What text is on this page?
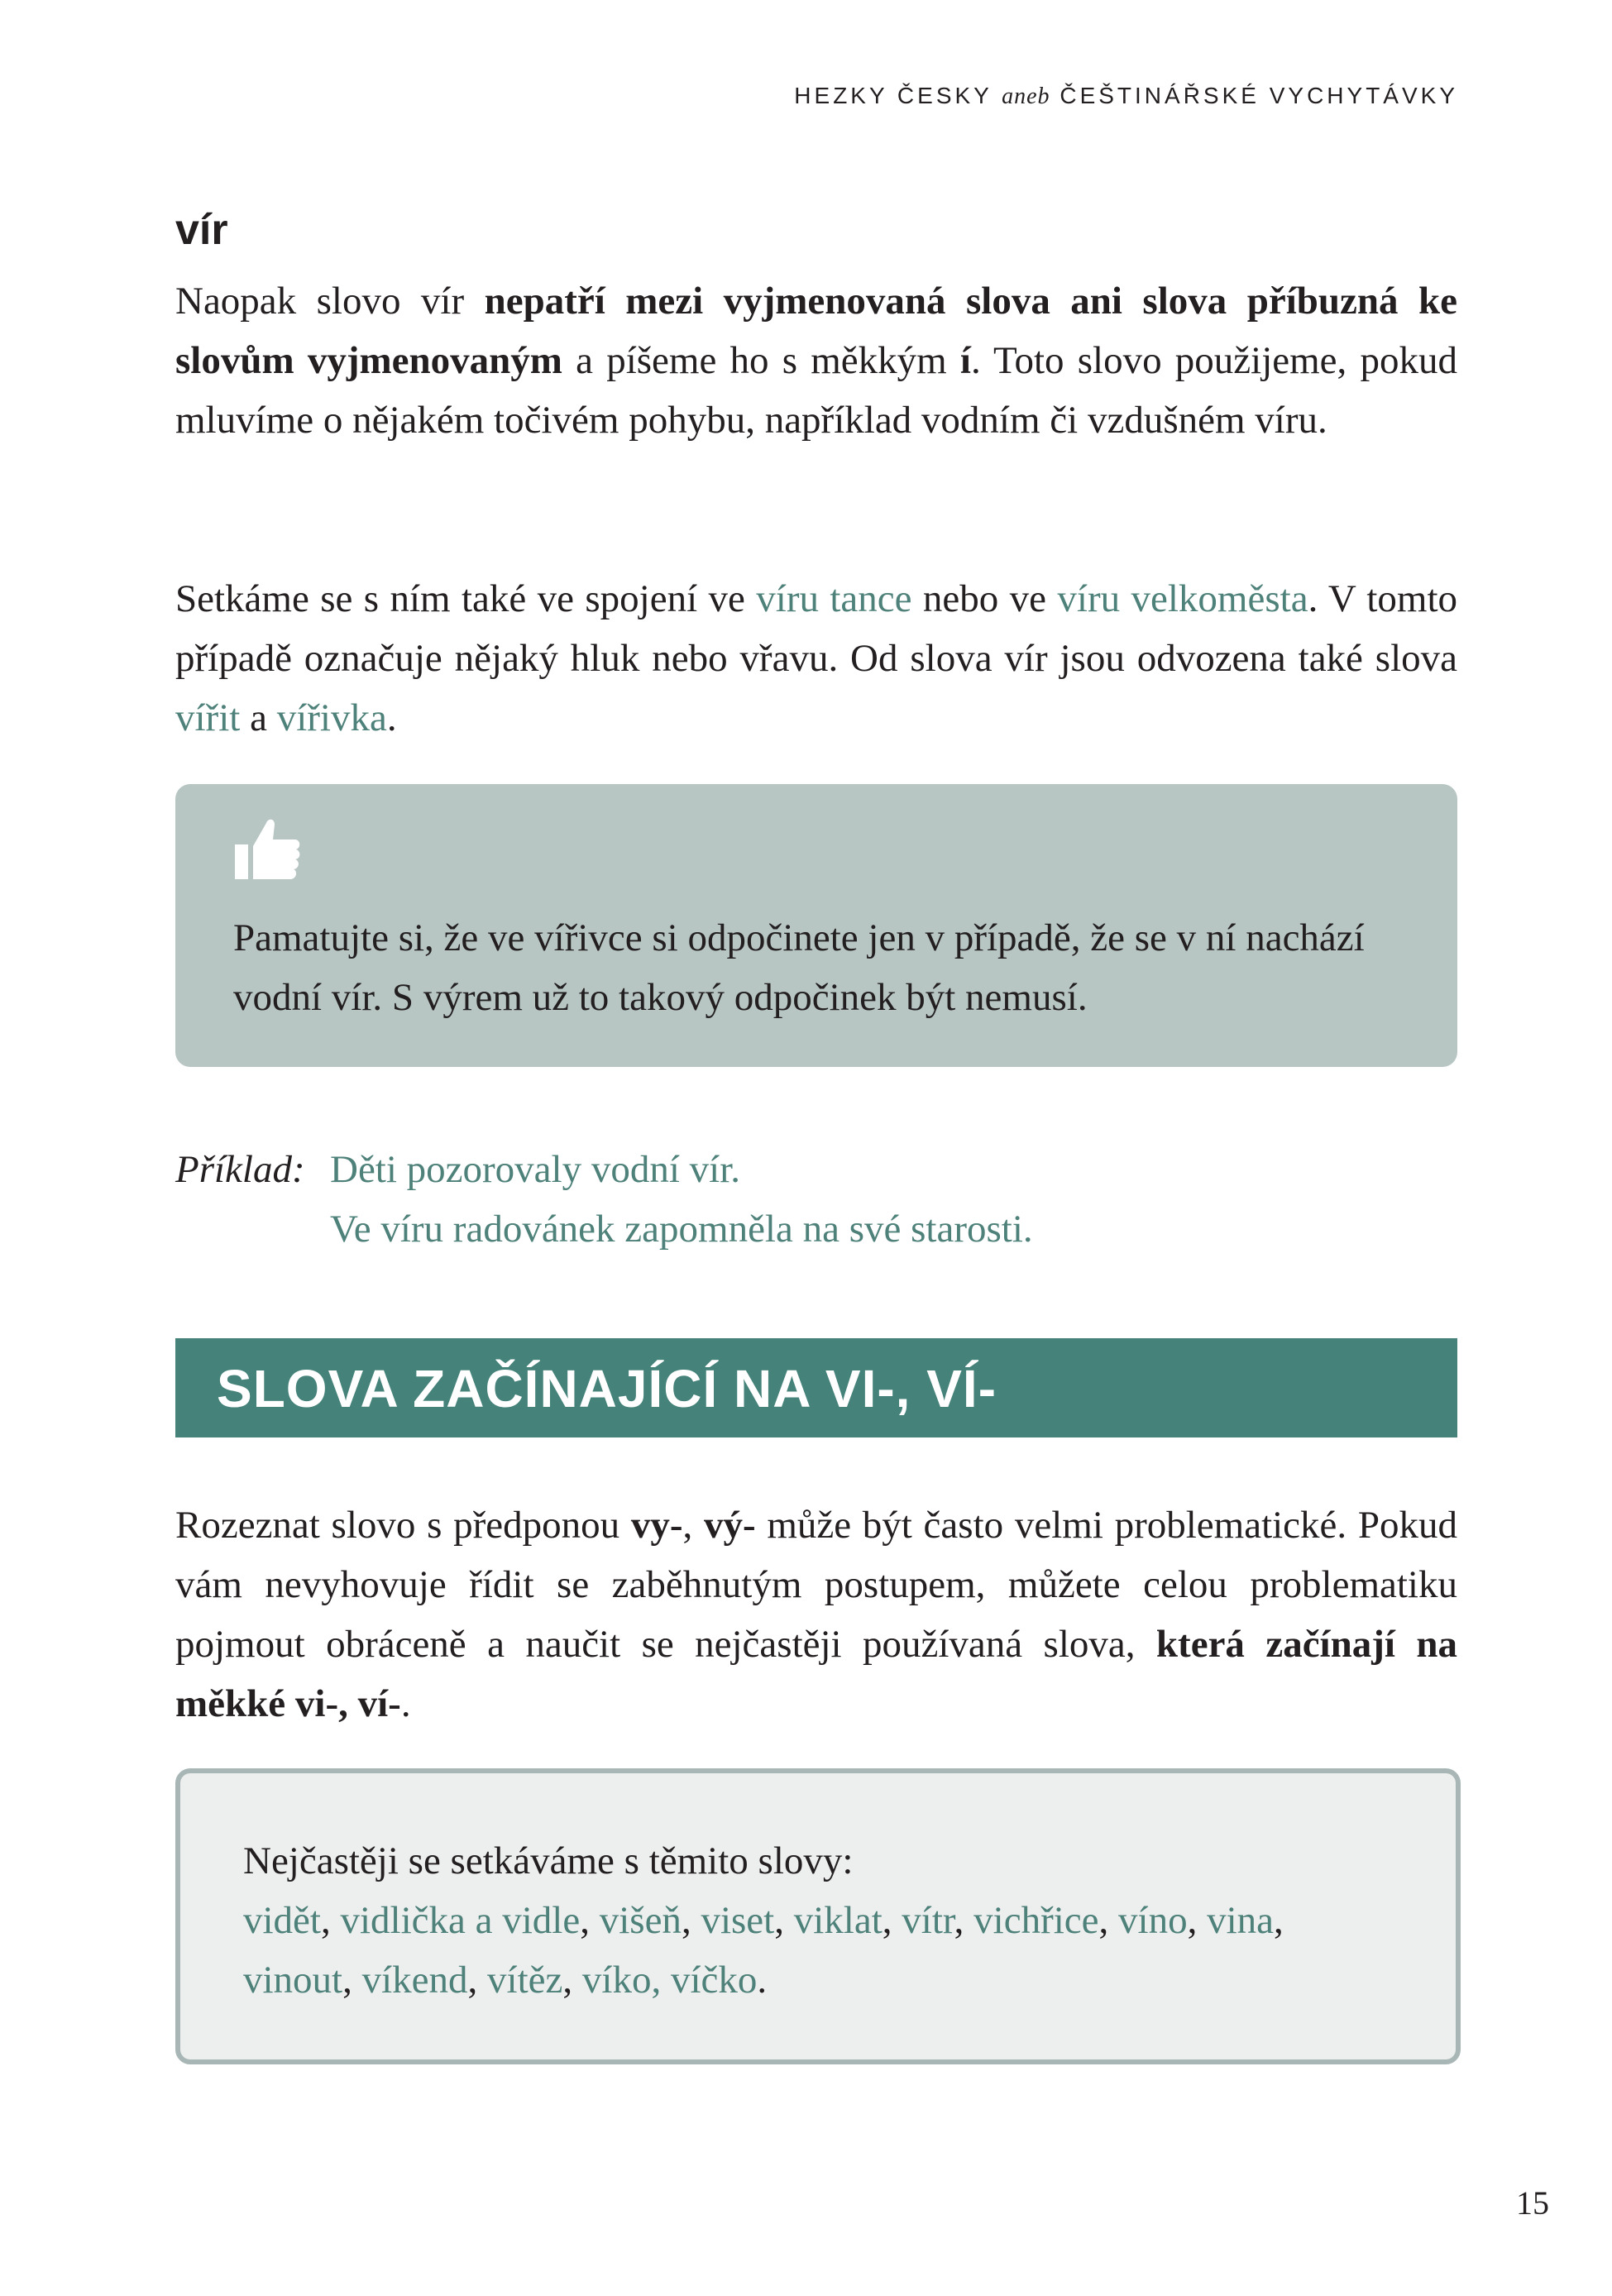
HEZKY ČESKY aneb ČEŠTINÁŘSKÉ VYCHYTÁVKY
vír

Naopak slovo vír nepatří mezi vyjmenovaná slova ani slova příbuzná ke slovům vyjmenovaným a píšeme ho s měkkým í. Toto slovo použijeme, pokud mluvíme o nějakém točivém pohybu, například vodním či vzdušném víru.

Setkáme se s ním také ve spojení ve víru tance nebo ve víru velkoměsta. V tomto případě označuje nějaký hluk nebo vřavu. Od slova vír jsou odvozena také slova vířit a vířivka.

Pamatujte si, že ve vířivce si odpočinete jen v případě, že se v ní nachází vodní vír. S výrem už to takový odpočinek být nemusí.
Příklad: Děti pozorovaly vodní vír.
Ve víru radovánek zapomněla na své starosti.
SLOVA ZAČÍNAJÍCÍ NA VI-, VÍ-

Rozeznat slovo s předponou vy-, vý- může být často velmi problematické. Pokud vám nevyhovuje řídit se zaběhnutým postupem, můžete celou problematiku pojmout obráceně a naučit se nejčastěji používaná slova, která začínají na měkké vi-, ví-.

Nejčastěji se setkáváme s těmito slovy:
vidět, vidlička a vidle, višeň, viset, viklat, vítr, vichřice, víno, vina, vinout, víkend, vítěz, víko, víčko.
15
